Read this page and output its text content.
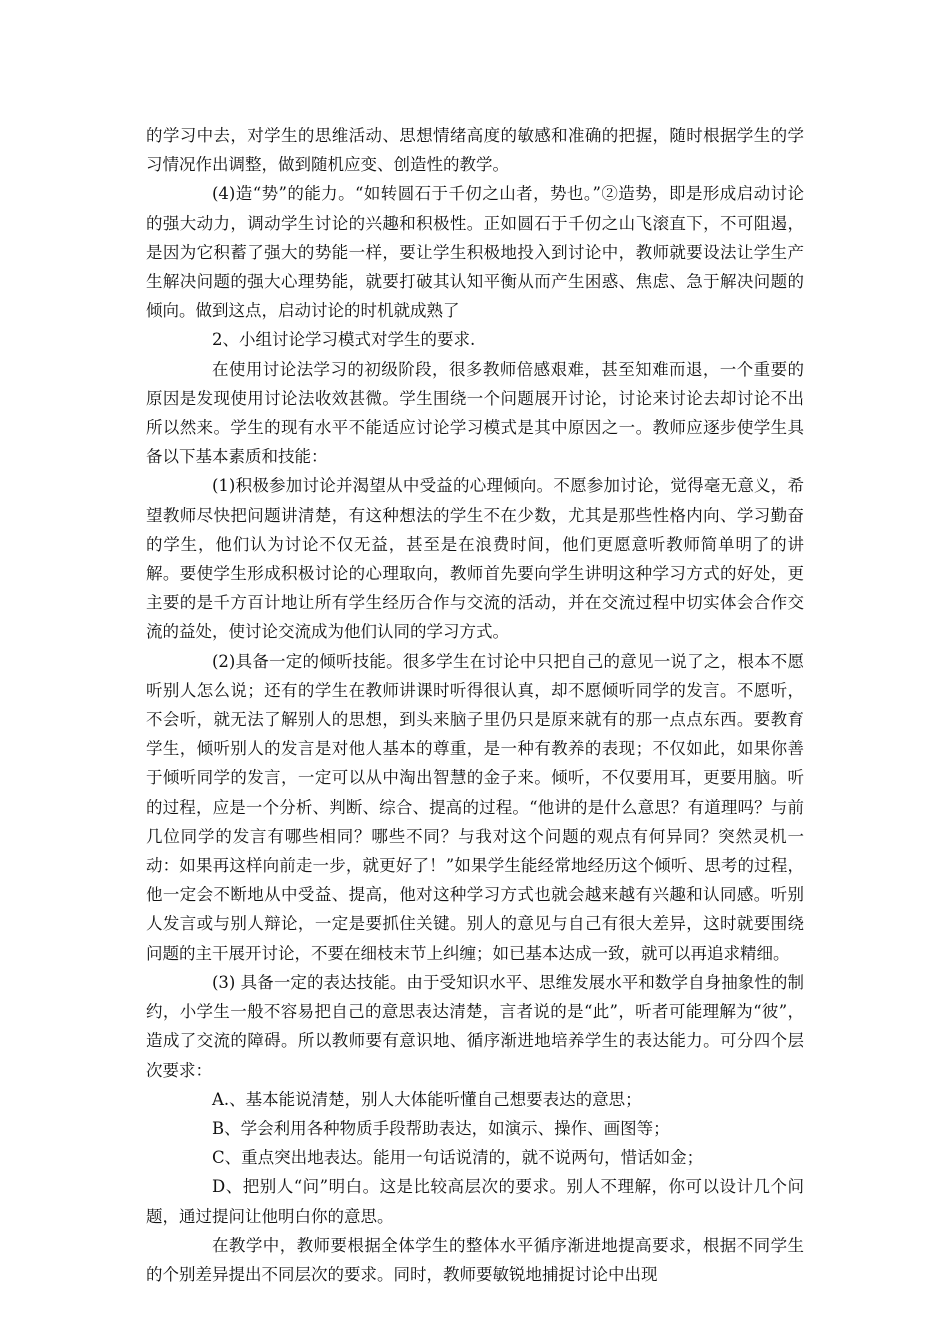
的学习中去，对学生的思维活动、思想情绪高度的敏感和准确的把握，随时根据学生的学习情况作出调整，做到随机应变、创造性的教学。

(4)造“势”的能力。“如转圆石于千仞之山者，势也。”②造势，即是形成启动讨论的强大动力，调动学生讨论的兴趣和积极性。正如圆石于千仞之山飞滚直下，不可阻遏，是因为它积蓄了强大的势能一样，要让学生积极地投入到讨论中，教师就要设法让学生产生解决问题的强大心理势能，就要打破其认知平衡从而产生困惑、焦虑、急于解决问题的倾向。做到这点，启动讨论的时机就成熟了

2、小组讨论学习模式对学生的要求.

在使用讨论法学习的初级阶段，很多教师倍感艰难，甚至知难而退，一个重要的原因是发现使用讨论法收效甚微。学生围绕一个问题展开讨论，讨论来讨论去却讨论不出所以然来。学生的现有水平不能适应讨论学习模式是其中原因之一。教师应逐步使学生具备以下基本素质和技能：

(1)积极参加讨论并渴望从中受益的心理倾向。不愿参加讨论，觉得毫无意义，希望教师尽快把问题讲清楚，有这种想法的学生不在少数，尤其是那些性格内向、学习勤奋的学生，他们认为讨论不仅无益，甚至是在浪费时间，他们更愿意听教师简单明了的讲解。要使学生形成积极讨论的心理取向，教师首先要向学生讲明这种学习方式的好处，更主要的是千方百计地让所有学生经历合作与交流的活动，并在交流过程中切实体会合作交流的益处，使讨论交流成为他们认同的学习方式。

(2)具备一定的倾听技能。很多学生在讨论中只把自己的意见一说了之，根本不愿听别人怎么说；还有的学生在教师讲课时听得很认真，却不愿倾听同学的发言。不愿听，不会听，就无法了解别人的思想，到头来脑子里仍只是原来就有的那一点点东西。要教育学生，倾听别人的发言是对他人基本的尊重，是一种有教养的表现；不仅如此，如果你善于倾听同学的发言，一定可以从中淘出智慧的金子来。倾听，不仅要用耳，更要用脑。听的过程，应是一个分析、判断、综合、提高的过程。“他讲的是什么意思？有道理吗？与前几位同学的发言有哪些相同？哪些不同？与我对这个问题的观点有何异同？突然灵机一动：如果再这样向前走一步，就更好了！”如果学生能经常地经历这个倾听、思考的过程，他一定会不断地从中受益、提高，他对这种学习方式也就会越来越有兴趣和认同感。听别人发言或与别人辩论，一定是要抓住关键。别人的意见与自己有很大差异，这时就要围绕问题的主干展开讨论，不要在细枝末节上纠缠；如已基本达成一致，就可以再追求精细。

(3) 具备一定的表达技能。由于受知识水平、思维发展水平和数学自身抽象性的制约，小学生一般不容易把自己的意思表达清楚，言者说的是“此”，听者可能理解为“彼”，造成了交流的障碍。所以教师要有意识地、循序渐进地培养学生的表达能力。可分四个层次要求：

A.、基本能说清楚，别人大体能听懂自己想要表达的意思；

B、学会利用各种物质手段帮助表达，如演示、操作、画图等；

C、重点突出地表达。能用一句话说清的，就不说两句，惜话如金；

D、把别人“问”明白。这是比较高层次的要求。别人不理解，你可以设计几个问题，通过提问让他明白你的意思。

在教学中，教师要根据全体学生的整体水平循序渐进地提高要求，根据不同学生的个别差异提出不同层次的要求。同时，教师要敏锐地捕捉讨论中出现
